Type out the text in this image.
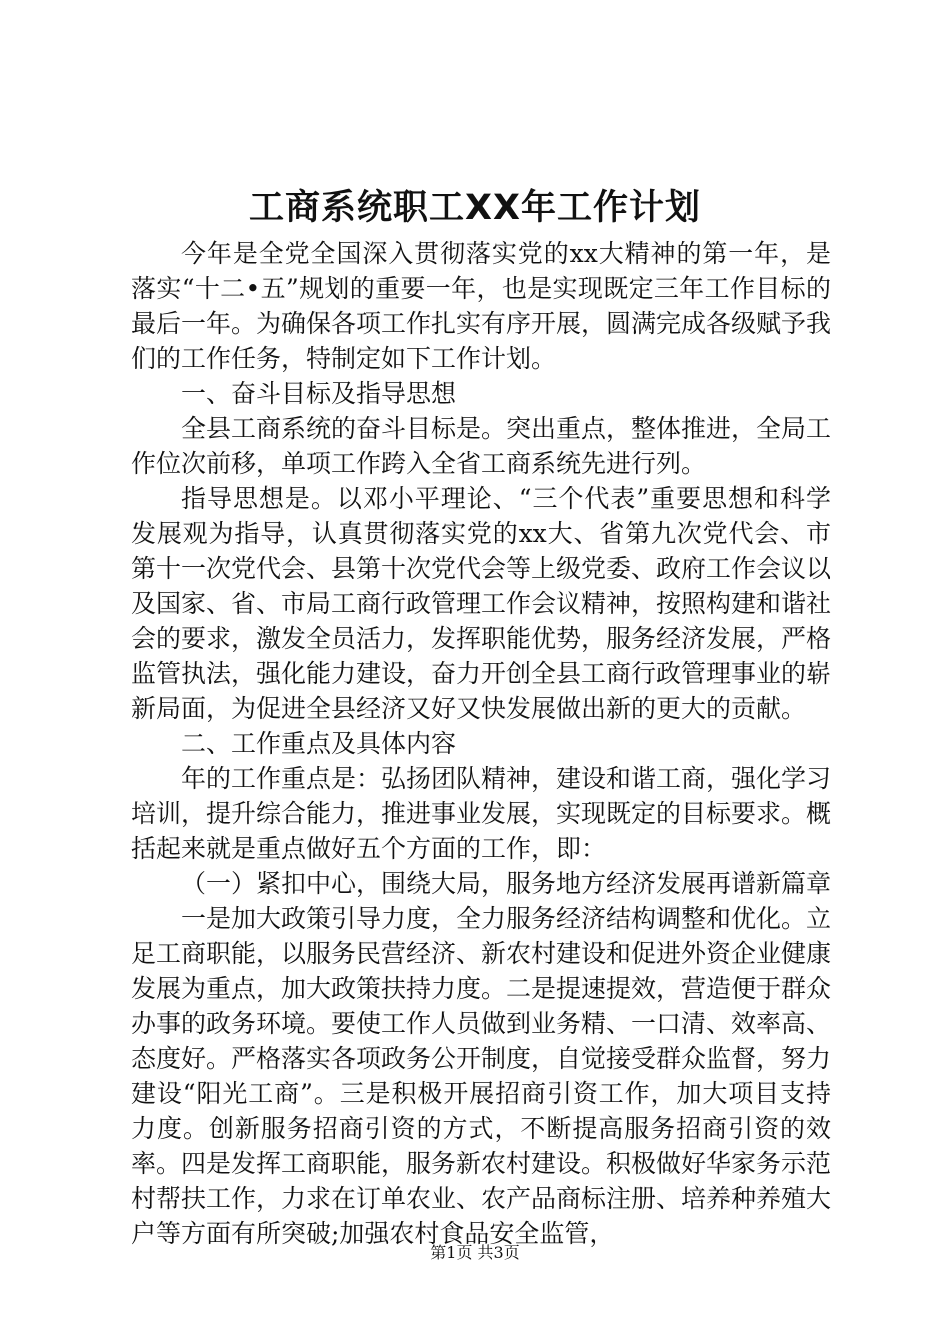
工商系统职工XX年工作计划

今年是全党全国深入贯彻落实党的xx大精神的第一年，是落实“十二•五”规划的重要一年，也是实现既定三年工作目标的最后一年。为确保各项工作扎实有序开展，圆满完成各级赋予我们的工作任务，特制定如下工作计划。

一、奋斗目标及指导思想

全县工商系统的奋斗目标是。突出重点，整体推进，全局工作位次前移，单项工作跨入全省工商系统先进行列。

指导思想是。以邓小平理论、“三个代表”重要思想和科学发展观为指导，认真贯彻落实党的xx大、省第九次党代会、市第十一次党代会、县第十次党代会等上级党委、政府工作会议以及国家、省、市局工商行政管理工作会议精神，按照构建和谐社会的要求，激发全员活力，发挥职能优势，服务经济发展，严格监管执法，强化能力建设，奋力开创全县工商行政管理事业的崭新局面，为促进全县经济又好又快发展做出新的更大的贡献。

二、工作重点及具体内容

年的工作重点是：弘扬团队精神，建设和谐工商，强化学习培训，提升综合能力，推进事业发展，实现既定的目标要求。概括起来就是重点做好五个方面的工作，即：

（一）紧扣中心，围绕大局，服务地方经济发展再谱新篇章

一是加大政策引导力度，全力服务经济结构调整和优化。立足工商职能，以服务民营经济、新农村建设和促进外资企业健康发展为重点，加大政策扶持力度。二是提速提效，营造便于群众办事的政务环境。要使工作人员做到业务精、一口清、效率高、态度好。严格落实各项政务公开制度，自觉接受群众监督，努力建设“阳光工商”。三是积极开展招商引资工作，加大项目支持力度。创新服务招商引资的方式，不断提高服务招商引资的效率。四是发挥工商职能，服务新农村建设。积极做好华家务示范村帮扶工作，力求在订单农业、农产品商标注册、培养种养殖大户等方面有所突破;加强农村食品安全监管，

第1页 共3页
